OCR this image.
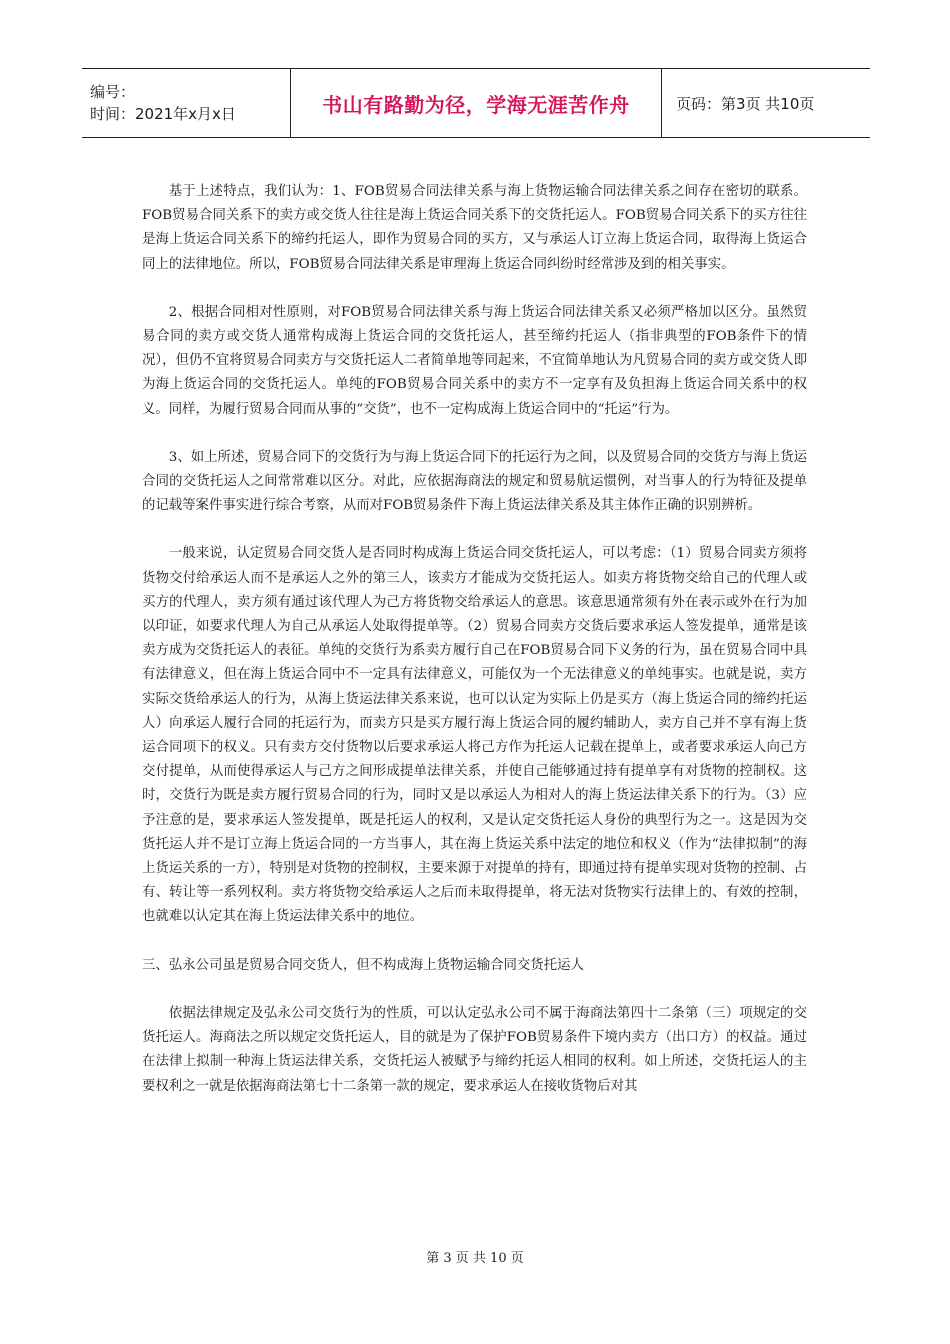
编号：
时间：2021年x月x日	书山有路勤为径，学海无涯苦作舟	页码：第3页 共10页

基于上述特点，我们认为：1、FOB贸易合同法律关系与海上货物运输合同法律关系之间存在密切的联系。FOB贸易合同关系下的卖方或交货人往往是海上货运合同关系下的交货托运人。FOB贸易合同关系下的买方往往是海上货运合同关系下的缔约托运人，即作为贸易合同的买方，又与承运人订立海上货运合同，取得海上货运合同上的法律地位。所以，FOB贸易合同法律关系是审理海上货运合同纠纷时经常涉及到的相关事实。

2、根据合同相对性原则，对FOB贸易合同法律关系与海上货运合同法律关系又必须严格加以区分。虽然贸易合同的卖方或交货人通常构成海上货运合同的交货托运人，甚至缔约托运人（指非典型的FOB条件下的情况），但仍不宜将贸易合同卖方与交货托运人二者简单地等同起来，不宜简单地认为凡贸易合同的卖方或交货人即为海上货运合同的交货托运人。单纯的FOB贸易合同关系中的卖方不一定享有及负担海上货运合同关系中的权义。同样，为履行贸易合同而从事的“交货”，也不一定构成海上货运合同中的“托运”行为。

3、如上所述，贸易合同下的交货行为与海上货运合同下的托运行为之间，以及贸易合同的交货方与海上货运合同的交货托运人之间常常难以区分。对此，应依据海商法的规定和贸易航运惯例，对当事人的行为特征及提单的记载等案件事实进行综合考察，从而对FOB贸易条件下海上货运法律关系及其主体作正确的识别辨析。

一般来说，认定贸易合同交货人是否同时构成海上货运合同交货托运人，可以考虑：（1）贸易合同卖方须将货物交付给承运人而不是承运人之外的第三人，该卖方才能成为交货托运人。如卖方将货物交给自己的代理人或买方的代理人，卖方须有通过该代理人为己方将货物交给承运人的意思。该意思通常须有外在表示或外在行为加以印证，如要求代理人为自己从承运人处取得提单等。（2）贸易合同卖方交货后要求承运人签发提单，通常是该卖方成为交货托运人的表征。单纯的交货行为系卖方履行自己在FOB贸易合同下义务的行为，虽在贸易合同中具有法律意义，但在海上货运合同中不一定具有法律意义，可能仅为一个无法律意义的单纯事实。也就是说，卖方实际交货给承运人的行为，从海上货运法律关系来说，也可以认定为实际上仍是买方（海上货运合同的缔约托运人）向承运人履行合同的托运行为，而卖方只是买方履行海上货运合同的履约辅助人，卖方自己并不享有海上货运合同项下的权义。只有卖方交付货物以后要求承运人将己方作为托运人记载在提单上，或者要求承运人向己方交付提单，从而使得承运人与己方之间形成提单法律关系，并使自己能够通过持有提单享有对货物的控制权。这时，交货行为既是卖方履行贸易合同的行为，同时又是以承运人为相对人的海上货运法律关系下的行为。（3）应予注意的是，要求承运人签发提单，既是托运人的权利，又是认定交货托运人身份的典型行为之一。这是因为交货托运人并不是订立海上货运合同的一方当事人，其在海上货运关系中法定的地位和权义（作为“法律拟制”的海上货运关系的一方），特别是对货物的控制权，主要来源于对提单的持有，即通过持有提单实现对货物的控制、占有、转让等一系列权利。卖方将货物交给承运人之后而未取得提单，将无法对货物实行法律上的、有效的控制，也就难以认定其在海上货运法律关系中的地位。

三、弘永公司虽是贸易合同交货人，但不构成海上货物运输合同交货托运人

依据法律规定及弘永公司交货行为的性质，可以认定弘永公司不属于海商法第四十二条第（三）项规定的交货托运人。海商法之所以规定交货托运人，目的就是为了保护FOB贸易条件下境内卖方（出口方）的权益。通过在法律上拟制一种海上货运法律关系，交货托运人被赋予与缔约托运人相同的权利。如上所述，交货托运人的主要权利之一就是依据海商法第七十二条第一款的规定，要求承运人在接收货物后对其

第 3 页 共 10 页
